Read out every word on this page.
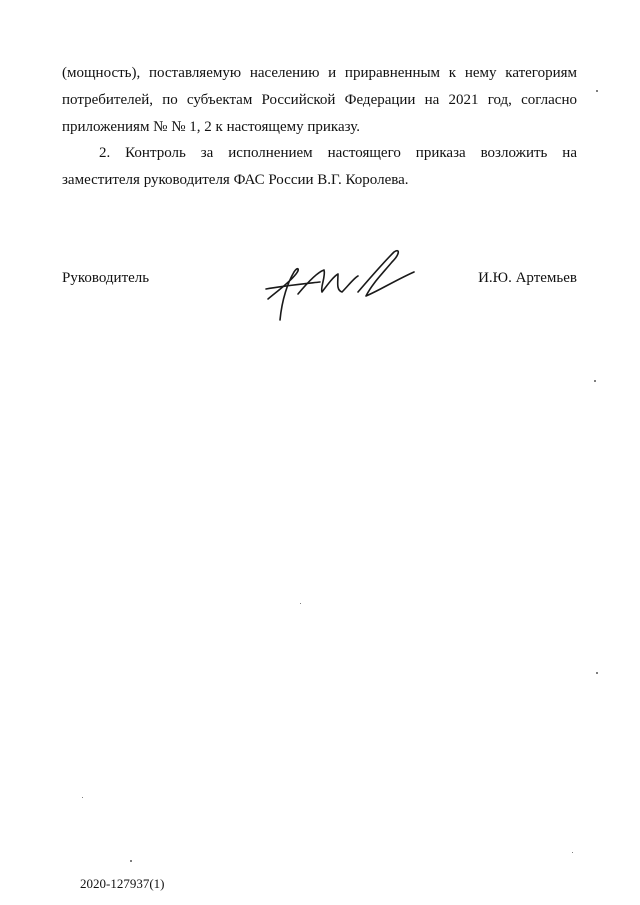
(мощность), поставляемую населению и приравненным к нему категориям потребителей, по субъектам Российской Федерации на 2021 год, согласно приложениям № № 1, 2 к настоящему приказу.

2. Контроль за исполнением настоящего приказа возложить на заместителя руководителя ФАС России В.Г. Королева.

Руководитель	И.Ю. Артемьев
2020-127937(1)
